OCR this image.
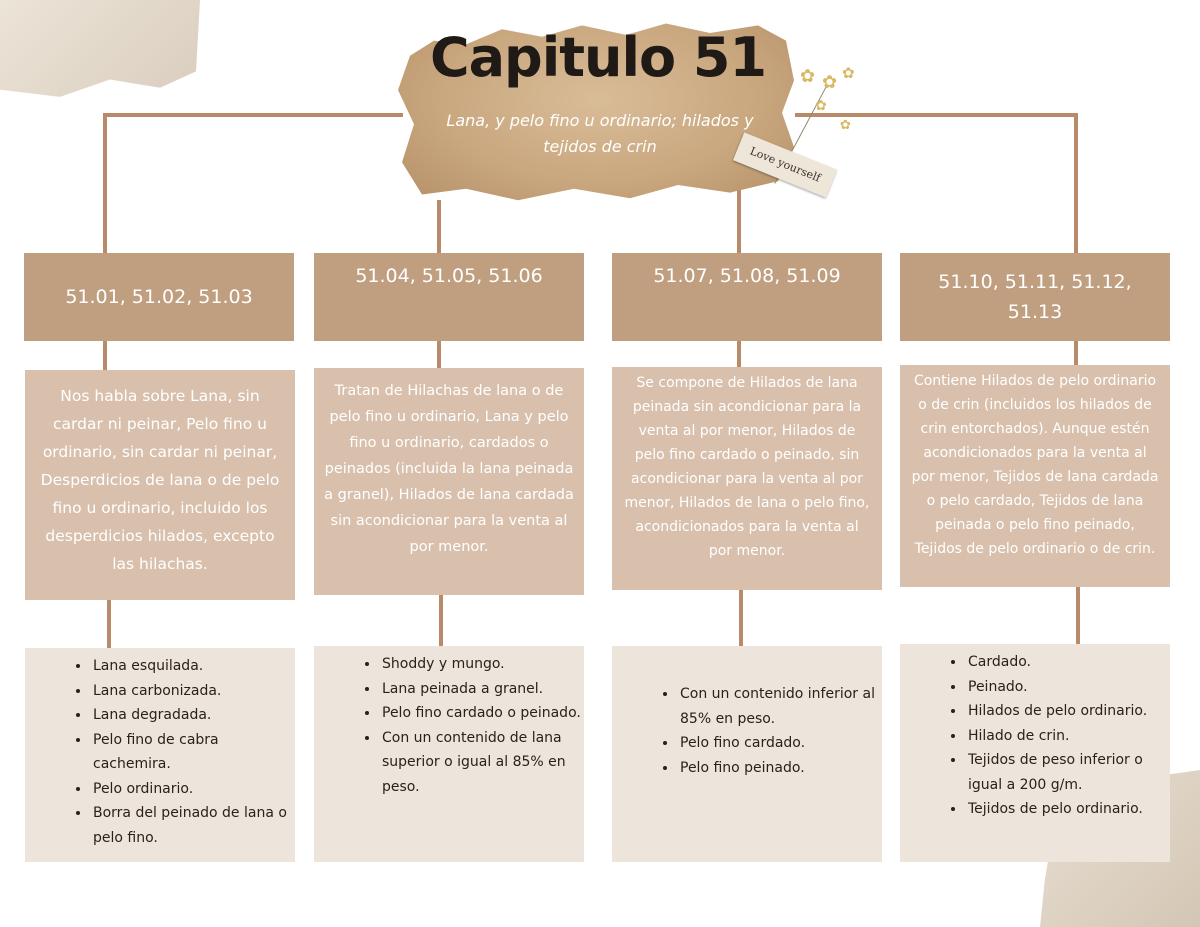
Capitulo 51
Lana, y pelo fino u ordinario; hilados y tejidos de crin
✿ ✿ ✿
✿
✿
Love yourself
51.01, 51.02, 51.03
Nos habla sobre Lana, sin cardar ni peinar, Pelo fino u ordinario, sin cardar ni peinar, Desperdicios de lana o de pelo fino u ordinario, incluido los desperdicios hilados, excepto las hilachas.
• Lana esquilada.
• Lana carbonizada.
• Lana degradada.
• Pelo fino de cabra cachemira.
• Pelo ordinario.
• Borra del peinado de lana o pelo fino.
51.04, 51.05, 51.06
Tratan de Hilachas de lana o de pelo fino u ordinario, Lana y pelo fino u ordinario, cardados o peinados (incluida la lana peinada a granel), Hilados de lana cardada sin acondicionar para la venta al por menor.
• Shoddy y mungo.
• Lana peinada a granel.
• Pelo fino cardado o peinado.
• Con un contenido de lana superior o igual al 85% en peso.
51.07, 51.08, 51.09
Se compone de Hilados de lana peinada sin acondicionar para la venta al por menor, Hilados de pelo fino cardado o peinado, sin acondicionar para la venta al por menor, Hilados de lana o pelo fino, acondicionados para la venta al por menor.
• Con un contenido inferior al 85% en peso.
• Pelo fino cardado.
• Pelo fino peinado.
51.10, 51.11, 51.12, 51.13
Contiene Hilados de pelo ordinario o de crin (incluidos los hilados de crin entorchados). Aunque estén acondicionados para la venta al por menor, Tejidos de lana cardada o pelo cardado, Tejidos de lana peinada o pelo fino peinado, Tejidos de pelo ordinario o de crin.
• Cardado.
• Peinado.
• Hilados de pelo ordinario.
• Hilado de crin.
• Tejidos de peso inferior o igual a 200 g/m.
• Tejidos de pelo ordinario.
